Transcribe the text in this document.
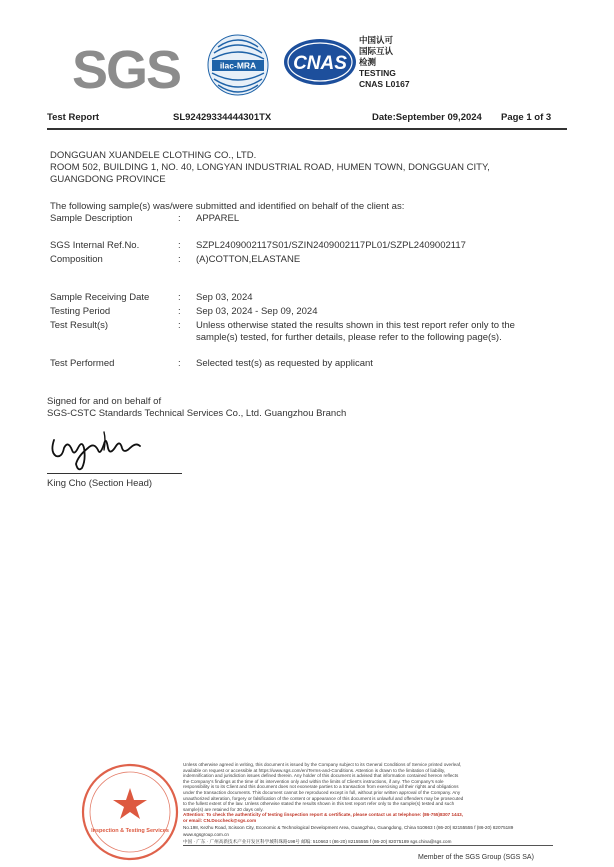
SGS	ilac-MRA CNAS
中国认可
国际互认
检测
TESTING
CNAS L0167
Test Report	SL92429334444301TX	Date:September 09,2024 Page 1 of 3
DONGGUAN XUANDELE CLOTHING CO., LTD.
ROOM 502, BUILDING 1, NO. 40, LONGYAN INDUSTRIAL ROAD, HUMEN TOWN, DONGGUAN CITY,
GUANGDONG PROVINCE
The following sample(s) was/were submitted and identified on behalf of the client as:
Sample Description	: APPAREL
SGS Internal Ref.No.	: SZPL2409002117S01/SZIN2409002117PL01/SZPL2409002117
Composition	: (A)COTTON,ELASTANE
Sample Receiving Date	: Sep 03, 2024
Testing Period	: Sep 03, 2024 - Sep 09, 2024
Test Result(s)	: Unless otherwise stated the results shown in this test report refer only to the
sample(s) tested, for further details, please refer to the following page(s).
Test Performed	: Selected test(s) as requested by applicant
Signed for and on behalf of
SGS-CSTC Standards Technical Services Co., Ltd. Guangzhou Branch
King Cho (Section Head)
Inspection & Testing Services
Unless otherwise agreed in writing, this document is issued by the Company subject to its General Conditions of Service printed overleaf,
available on request or accessible at https://www.sgs.com/en/Terms-and-Conditions. Attention is drawn to the limitation of liability,
indemnification and jurisdiction issues defined therein. Any holder of this document is advised that information contained hereon reflects
the Company's findings at the time of its intervention only and within the limits of Client's instructions, if any. The Company's sole
responsibility is to its Client and this document does not exonerate parties to a transaction from exercising all their rights and obligations
under the transaction documents. This document cannot be reproduced except in full, without prior written approval of the Company. Any
unauthorized alteration, forgery or falsification of the content or appearance of this document is unlawful and offenders may be prosecuted
to the fullest extent of the law. Unless otherwise stated the results shown in this test report refer only to the sample(s) tested and such
sample(s) are retained for 30 days only.
Attention: To check the authenticity of testing /inspection report & certificate, please contact us at telephone: (86-755)8307 1443,
or email: CN.Doccheck@sgs.com
No.198, Kezhu Road, Scisoon City, Economic & Technological Development Area, Guangzhou, Guangdong, China 510663 t (86-20) 82155555 f (86-20) 82075189 www.sgsgroup.com.cn
中国 · 广东 · 广州高新技术产业开发区科学城科珠路198号 邮编: 510663 t (86-20) 82155555 f (86-20) 82075189 sgs.china@sgs.com
Member of the SGS Group (SGS SA)
